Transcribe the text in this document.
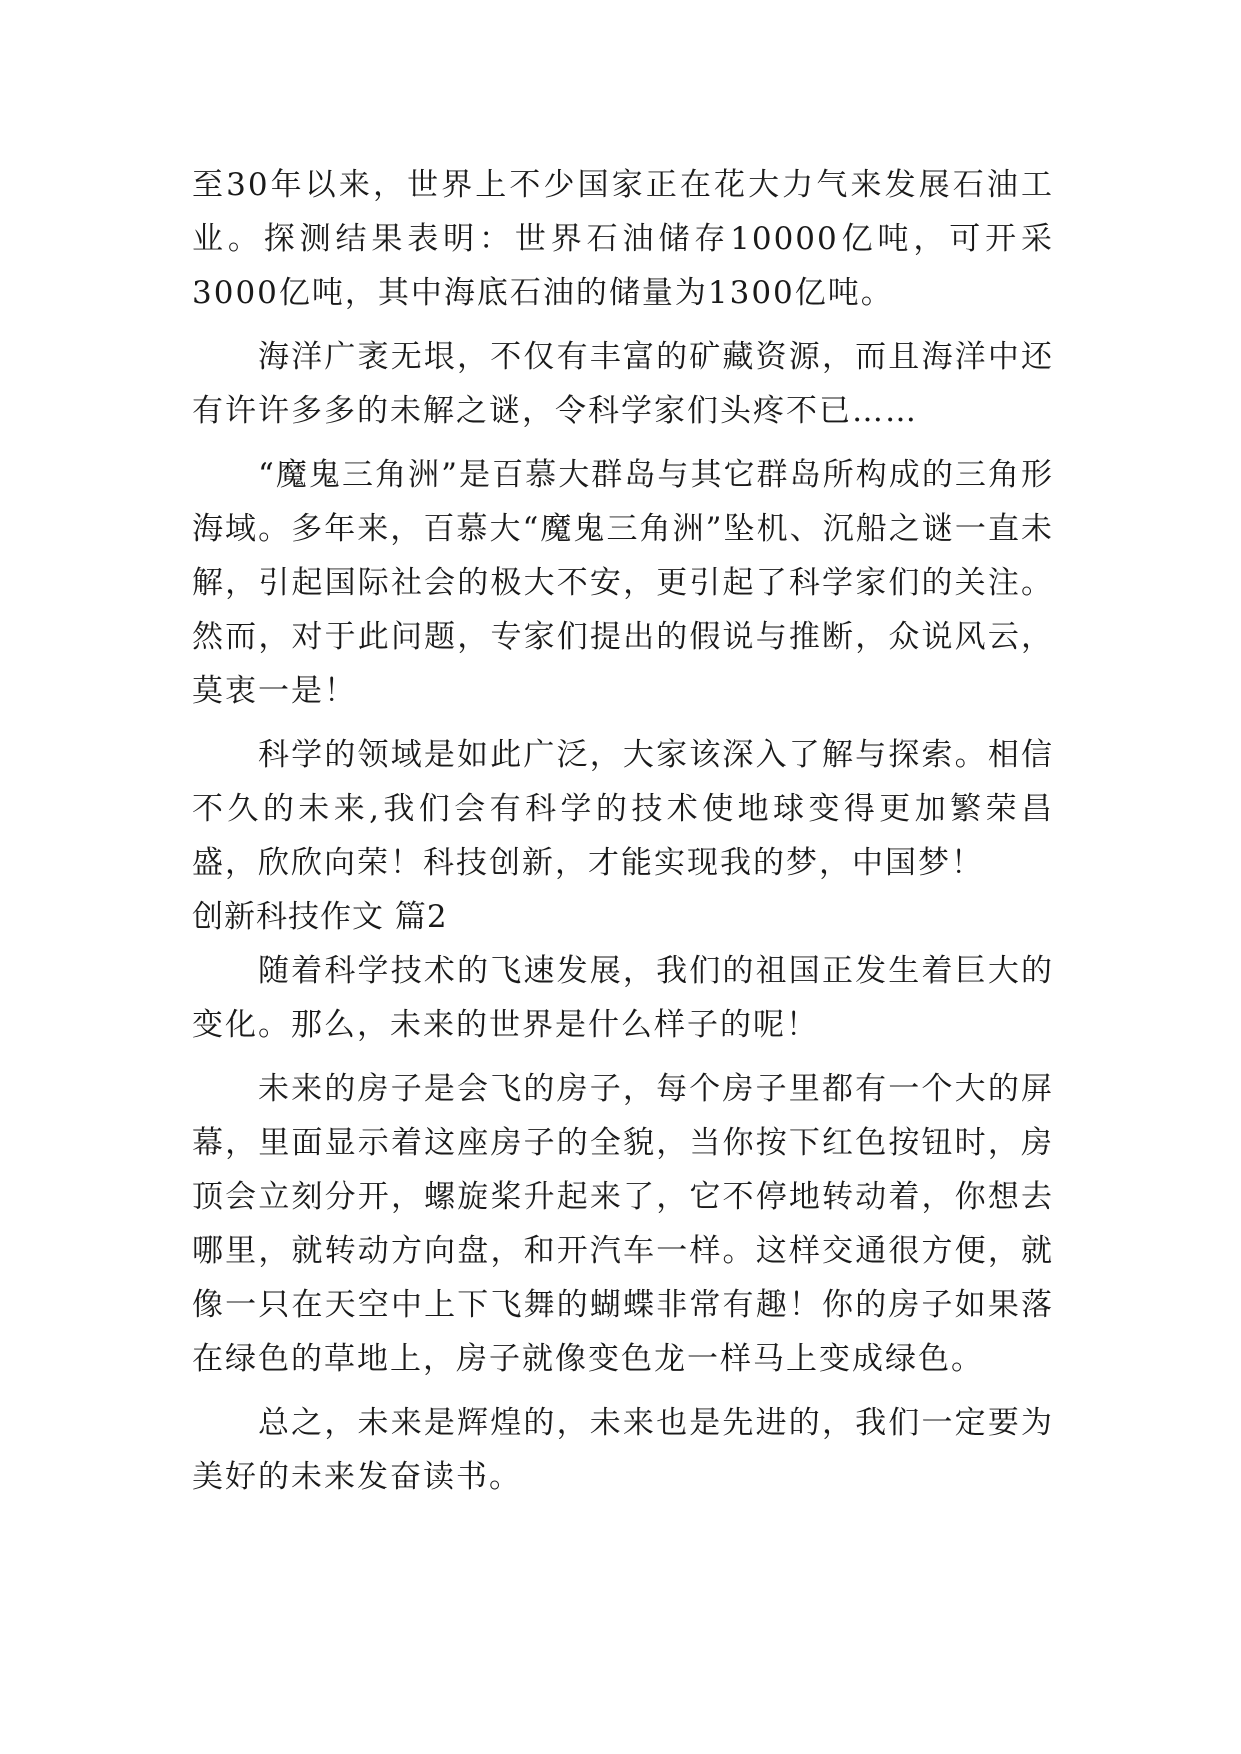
至30年以来，世界上不少国家正在花大力气来发展石油工业。探测结果表明：世界石油储存10000亿吨，可开采3000亿吨，其中海底石油的储量为1300亿吨。

海洋广袤无垠，不仅有丰富的矿藏资源，而且海洋中还有许许多多的未解之谜，令科学家们头疼不已……

“魔鬼三角洲”是百慕大群岛与其它群岛所构成的三角形海域。多年来，百慕大“魔鬼三角洲”坠机、沉船之谜一直未解，引起国际社会的极大不安，更引起了科学家们的关注。然而，对于此问题，专家们提出的假说与推断，众说风云，莫衷一是！

科学的领域是如此广泛，大家该深入了解与探索。相信不久的未来,我们会有科学的技术使地球变得更加繁荣昌盛，欣欣向荣！科技创新，才能实现我的梦，中国梦！

创新科技作文 篇2

随着科学技术的飞速发展，我们的祖国正发生着巨大的变化。那么，未来的世界是什么样子的呢！

未来的房子是会飞的房子，每个房子里都有一个大的屏幕，里面显示着这座房子的全貌，当你按下红色按钮时，房顶会立刻分开，螺旋桨升起来了，它不停地转动着，你想去哪里，就转动方向盘，和开汽车一样。这样交通很方便，就像一只在天空中上下飞舞的蝴蝶非常有趣！你的房子如果落在绿色的草地上，房子就像变色龙一样马上变成绿色。

总之，未来是辉煌的，未来也是先进的，我们一定要为美好的未来发奋读书。
